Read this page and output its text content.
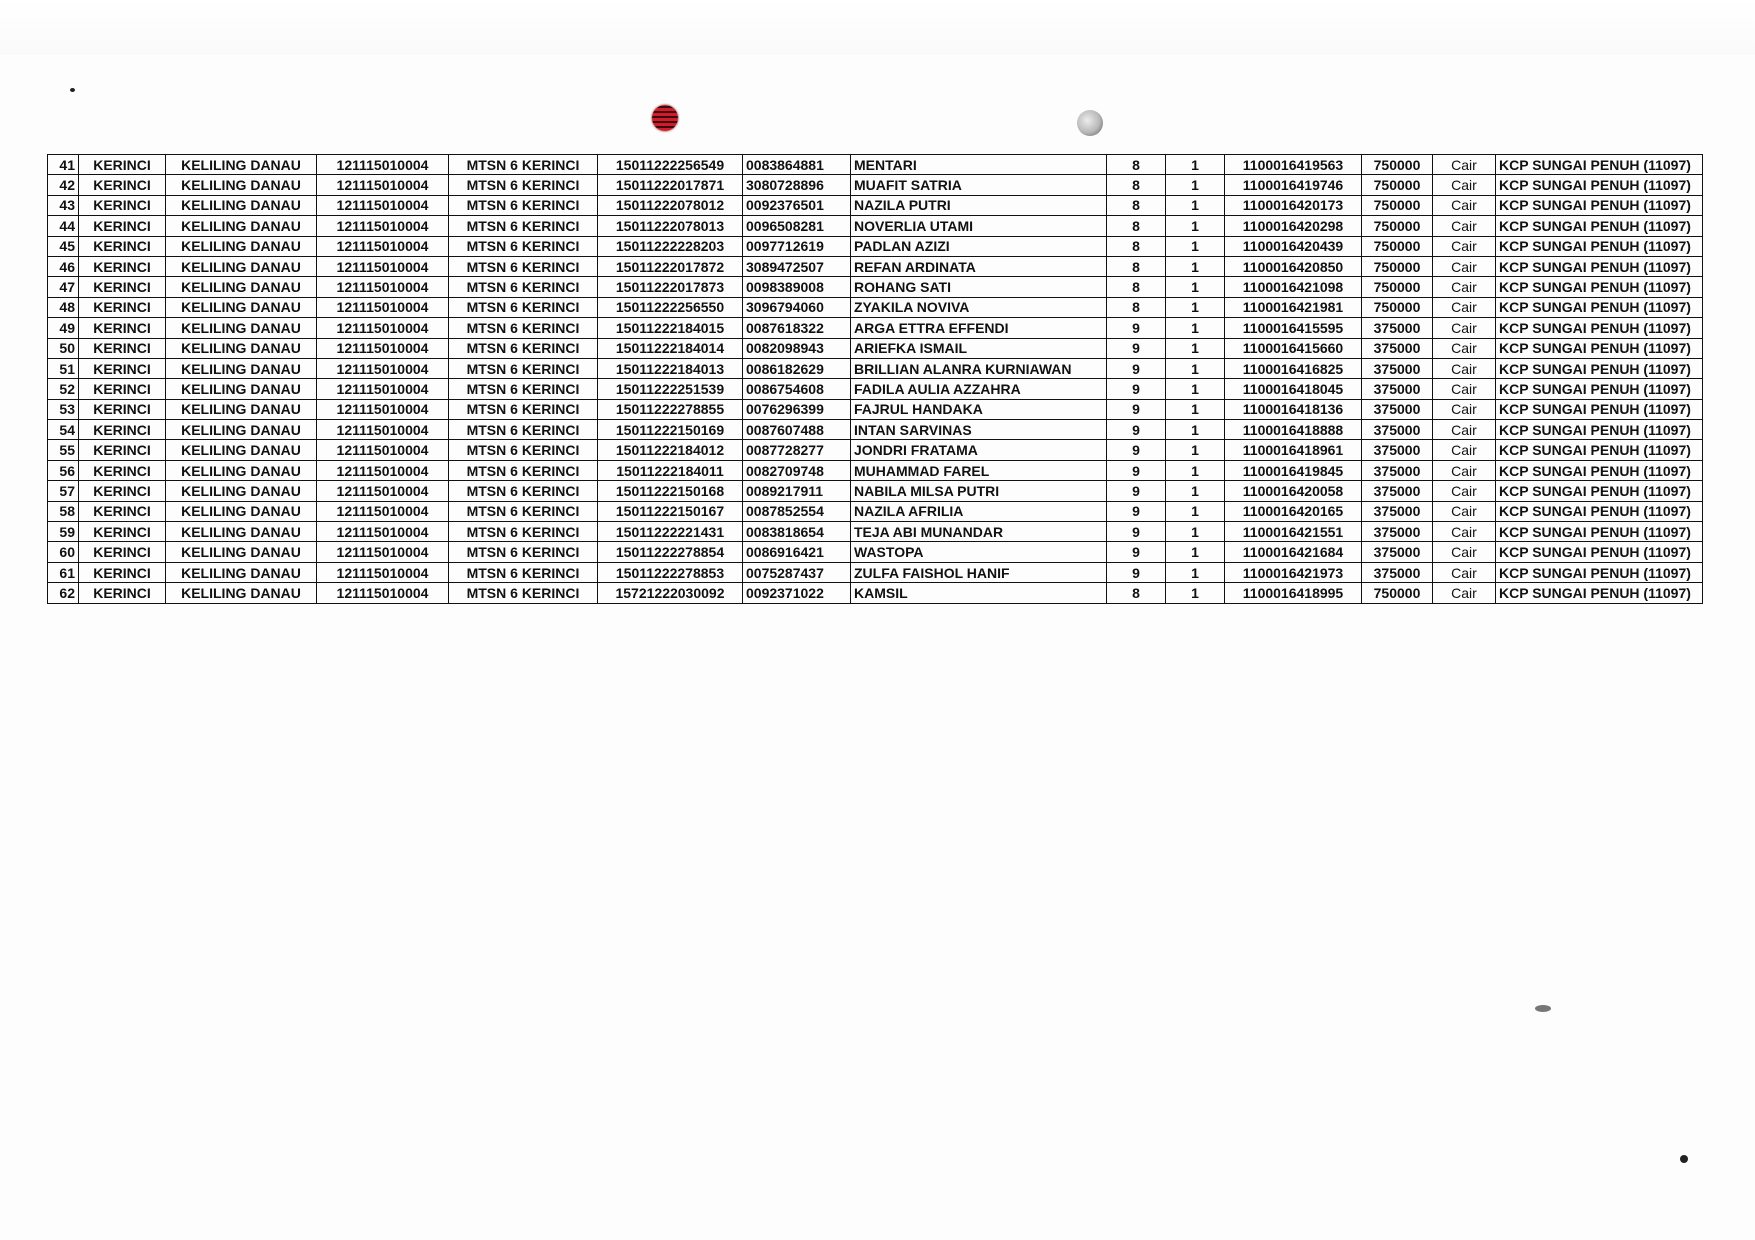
41	KERINCI	KELILING DANAU	121115010004	MTSN 6 KERINCI	15011222256549	0083864881	MENTARI	8	1	1100016419563	750000	Cair	KCP SUNGAI PENUH (11097)
42	KERINCI	KELILING DANAU	121115010004	MTSN 6 KERINCI	15011222017871	3080728896	MUAFIT SATRIA	8	1	1100016419746	750000	Cair	KCP SUNGAI PENUH (11097)
43	KERINCI	KELILING DANAU	121115010004	MTSN 6 KERINCI	15011222078012	0092376501	NAZILA PUTRI	8	1	1100016420173	750000	Cair	KCP SUNGAI PENUH (11097)
44	KERINCI	KELILING DANAU	121115010004	MTSN 6 KERINCI	15011222078013	0096508281	NOVERLIA UTAMI	8	1	1100016420298	750000	Cair	KCP SUNGAI PENUH (11097)
45	KERINCI	KELILING DANAU	121115010004	MTSN 6 KERINCI	15011222228203	0097712619	PADLAN AZIZI	8	1	1100016420439	750000	Cair	KCP SUNGAI PENUH (11097)
46	KERINCI	KELILING DANAU	121115010004	MTSN 6 KERINCI	15011222017872	3089472507	REFAN ARDINATA	8	1	1100016420850	750000	Cair	KCP SUNGAI PENUH (11097)
47	KERINCI	KELILING DANAU	121115010004	MTSN 6 KERINCI	15011222017873	0098389008	ROHANG SATI	8	1	1100016421098	750000	Cair	KCP SUNGAI PENUH (11097)
48	KERINCI	KELILING DANAU	121115010004	MTSN 6 KERINCI	15011222256550	3096794060	ZYAKILA NOVIVA	8	1	1100016421981	750000	Cair	KCP SUNGAI PENUH (11097)
49	KERINCI	KELILING DANAU	121115010004	MTSN 6 KERINCI	15011222184015	0087618322	ARGA ETTRA EFFENDI	9	1	1100016415595	375000	Cair	KCP SUNGAI PENUH (11097)
50	KERINCI	KELILING DANAU	121115010004	MTSN 6 KERINCI	15011222184014	0082098943	ARIEFKA ISMAIL	9	1	1100016415660	375000	Cair	KCP SUNGAI PENUH (11097)
51	KERINCI	KELILING DANAU	121115010004	MTSN 6 KERINCI	15011222184013	0086182629	BRILLIAN ALANRA KURNIAWAN	9	1	1100016416825	375000	Cair	KCP SUNGAI PENUH (11097)
52	KERINCI	KELILING DANAU	121115010004	MTSN 6 KERINCI	15011222251539	0086754608	FADILA AULIA AZZAHRA	9	1	1100016418045	375000	Cair	KCP SUNGAI PENUH (11097)
53	KERINCI	KELILING DANAU	121115010004	MTSN 6 KERINCI	15011222278855	0076296399	FAJRUL HANDAKA	9	1	1100016418136	375000	Cair	KCP SUNGAI PENUH (11097)
54	KERINCI	KELILING DANAU	121115010004	MTSN 6 KERINCI	15011222150169	0087607488	INTAN SARVINAS	9	1	1100016418888	375000	Cair	KCP SUNGAI PENUH (11097)
55	KERINCI	KELILING DANAU	121115010004	MTSN 6 KERINCI	15011222184012	0087728277	JONDRI FRATAMA	9	1	1100016418961	375000	Cair	KCP SUNGAI PENUH (11097)
56	KERINCI	KELILING DANAU	121115010004	MTSN 6 KERINCI	15011222184011	0082709748	MUHAMMAD FAREL	9	1	1100016419845	375000	Cair	KCP SUNGAI PENUH (11097)
57	KERINCI	KELILING DANAU	121115010004	MTSN 6 KERINCI	15011222150168	0089217911	NABILA MILSA PUTRI	9	1	1100016420058	375000	Cair	KCP SUNGAI PENUH (11097)
58	KERINCI	KELILING DANAU	121115010004	MTSN 6 KERINCI	15011222150167	0087852554	NAZILA AFRILIA	9	1	1100016420165	375000	Cair	KCP SUNGAI PENUH (11097)
59	KERINCI	KELILING DANAU	121115010004	MTSN 6 KERINCI	15011222221431	0083818654	TEJA ABI MUNANDAR	9	1	1100016421551	375000	Cair	KCP SUNGAI PENUH (11097)
60	KERINCI	KELILING DANAU	121115010004	MTSN 6 KERINCI	15011222278854	0086916421	WASTOPA	9	1	1100016421684	375000	Cair	KCP SUNGAI PENUH (11097)
61	KERINCI	KELILING DANAU	121115010004	MTSN 6 KERINCI	15011222278853	0075287437	ZULFA FAISHOL HANIF	9	1	1100016421973	375000	Cair	KCP SUNGAI PENUH (11097)
62	KERINCI	KELILING DANAU	121115010004	MTSN 6 KERINCI	15721222030092	0092371022	KAMSIL	8	1	1100016418995	750000	Cair	KCP SUNGAI PENUH (11097)
